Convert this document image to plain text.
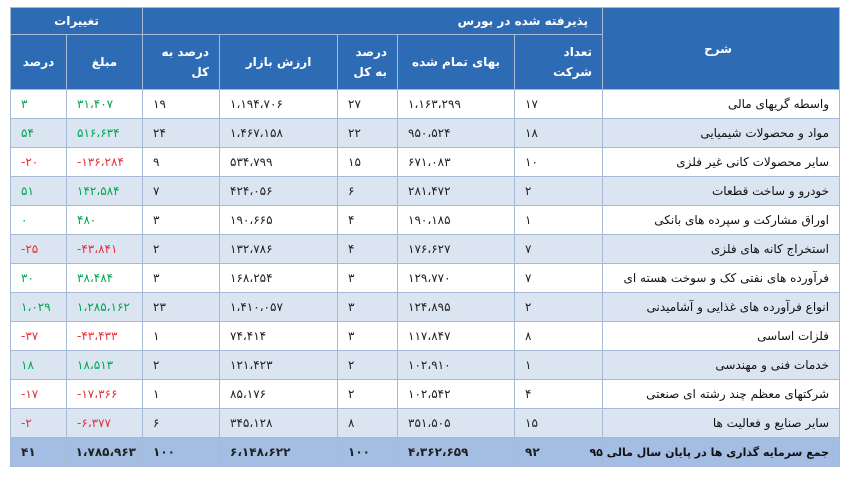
شرح	پذیرفته شده در بورس					تغییرات	
	تعداد شرکت	بهای تمام شده	درصد به کل	ارزش بازار	درصد به کل	مبلغ	درصد
واسطه گریهای مالی	۱۷	۱،۱۶۳،۲۹۹	۲۷	۱،۱۹۴،۷۰۶	۱۹	۳۱،۴۰۷	۳
مواد و محصولات شیمیایی	۱۸	۹۵۰،۵۲۴	۲۲	۱،۴۶۷،۱۵۸	۲۴	۵۱۶،۶۳۴	۵۴
سایر محصولات کانی غیر فلزی	۱۰	۶۷۱،۰۸۳	۱۵	۵۳۴،۷۹۹	۹	۱۳۶،۲۸۴-	۲۰-
خودرو و ساخت قطعات	۲	۲۸۱،۴۷۲	۶	۴۲۴،۰۵۶	۷	۱۴۲،۵۸۴	۵۱
اوراق مشارکت و سپرده های بانکی	۱	۱۹۰،۱۸۵	۴	۱۹۰،۶۶۵	۳	۴۸۰	۰
استخراج کانه های فلزی	۷	۱۷۶،۶۲۷	۴	۱۳۲،۷۸۶	۲	۴۳،۸۴۱-	۲۵-
فرآورده های نفتی کک و سوخت هسته ای	۷	۱۲۹،۷۷۰	۳	۱۶۸،۲۵۴	۳	۳۸،۴۸۴	۳۰
انواع فرآورده های غذایی و آشامیدنی	۲	۱۲۴،۸۹۵	۳	۱،۴۱۰،۰۵۷	۲۳	۱،۲۸۵،۱۶۲	۱،۰۲۹
فلزات اساسی	۸	۱۱۷،۸۴۷	۳	۷۴،۴۱۴	۱	۴۳،۴۳۳-	۳۷-
خدمات فنی و مهندسی	۱	۱۰۲،۹۱۰	۲	۱۲۱،۴۲۳	۲	۱۸،۵۱۳	۱۸
شرکتهای معظم چند رشته ای صنعتی	۴	۱۰۲،۵۴۲	۲	۸۵،۱۷۶	۱	۱۷،۳۶۶-	۱۷-
سایر صنایع و فعالیت ها	۱۵	۳۵۱،۵۰۵	۸	۳۴۵،۱۲۸	۶	۶،۳۷۷-	۲-
جمع سرمایه گذاری ها در پایان سال مالی ۹۵	۹۲	۴،۳۶۲،۶۵۹	۱۰۰	۶،۱۴۸،۶۲۲	۱۰۰	۱،۷۸۵،۹۶۳	۴۱
